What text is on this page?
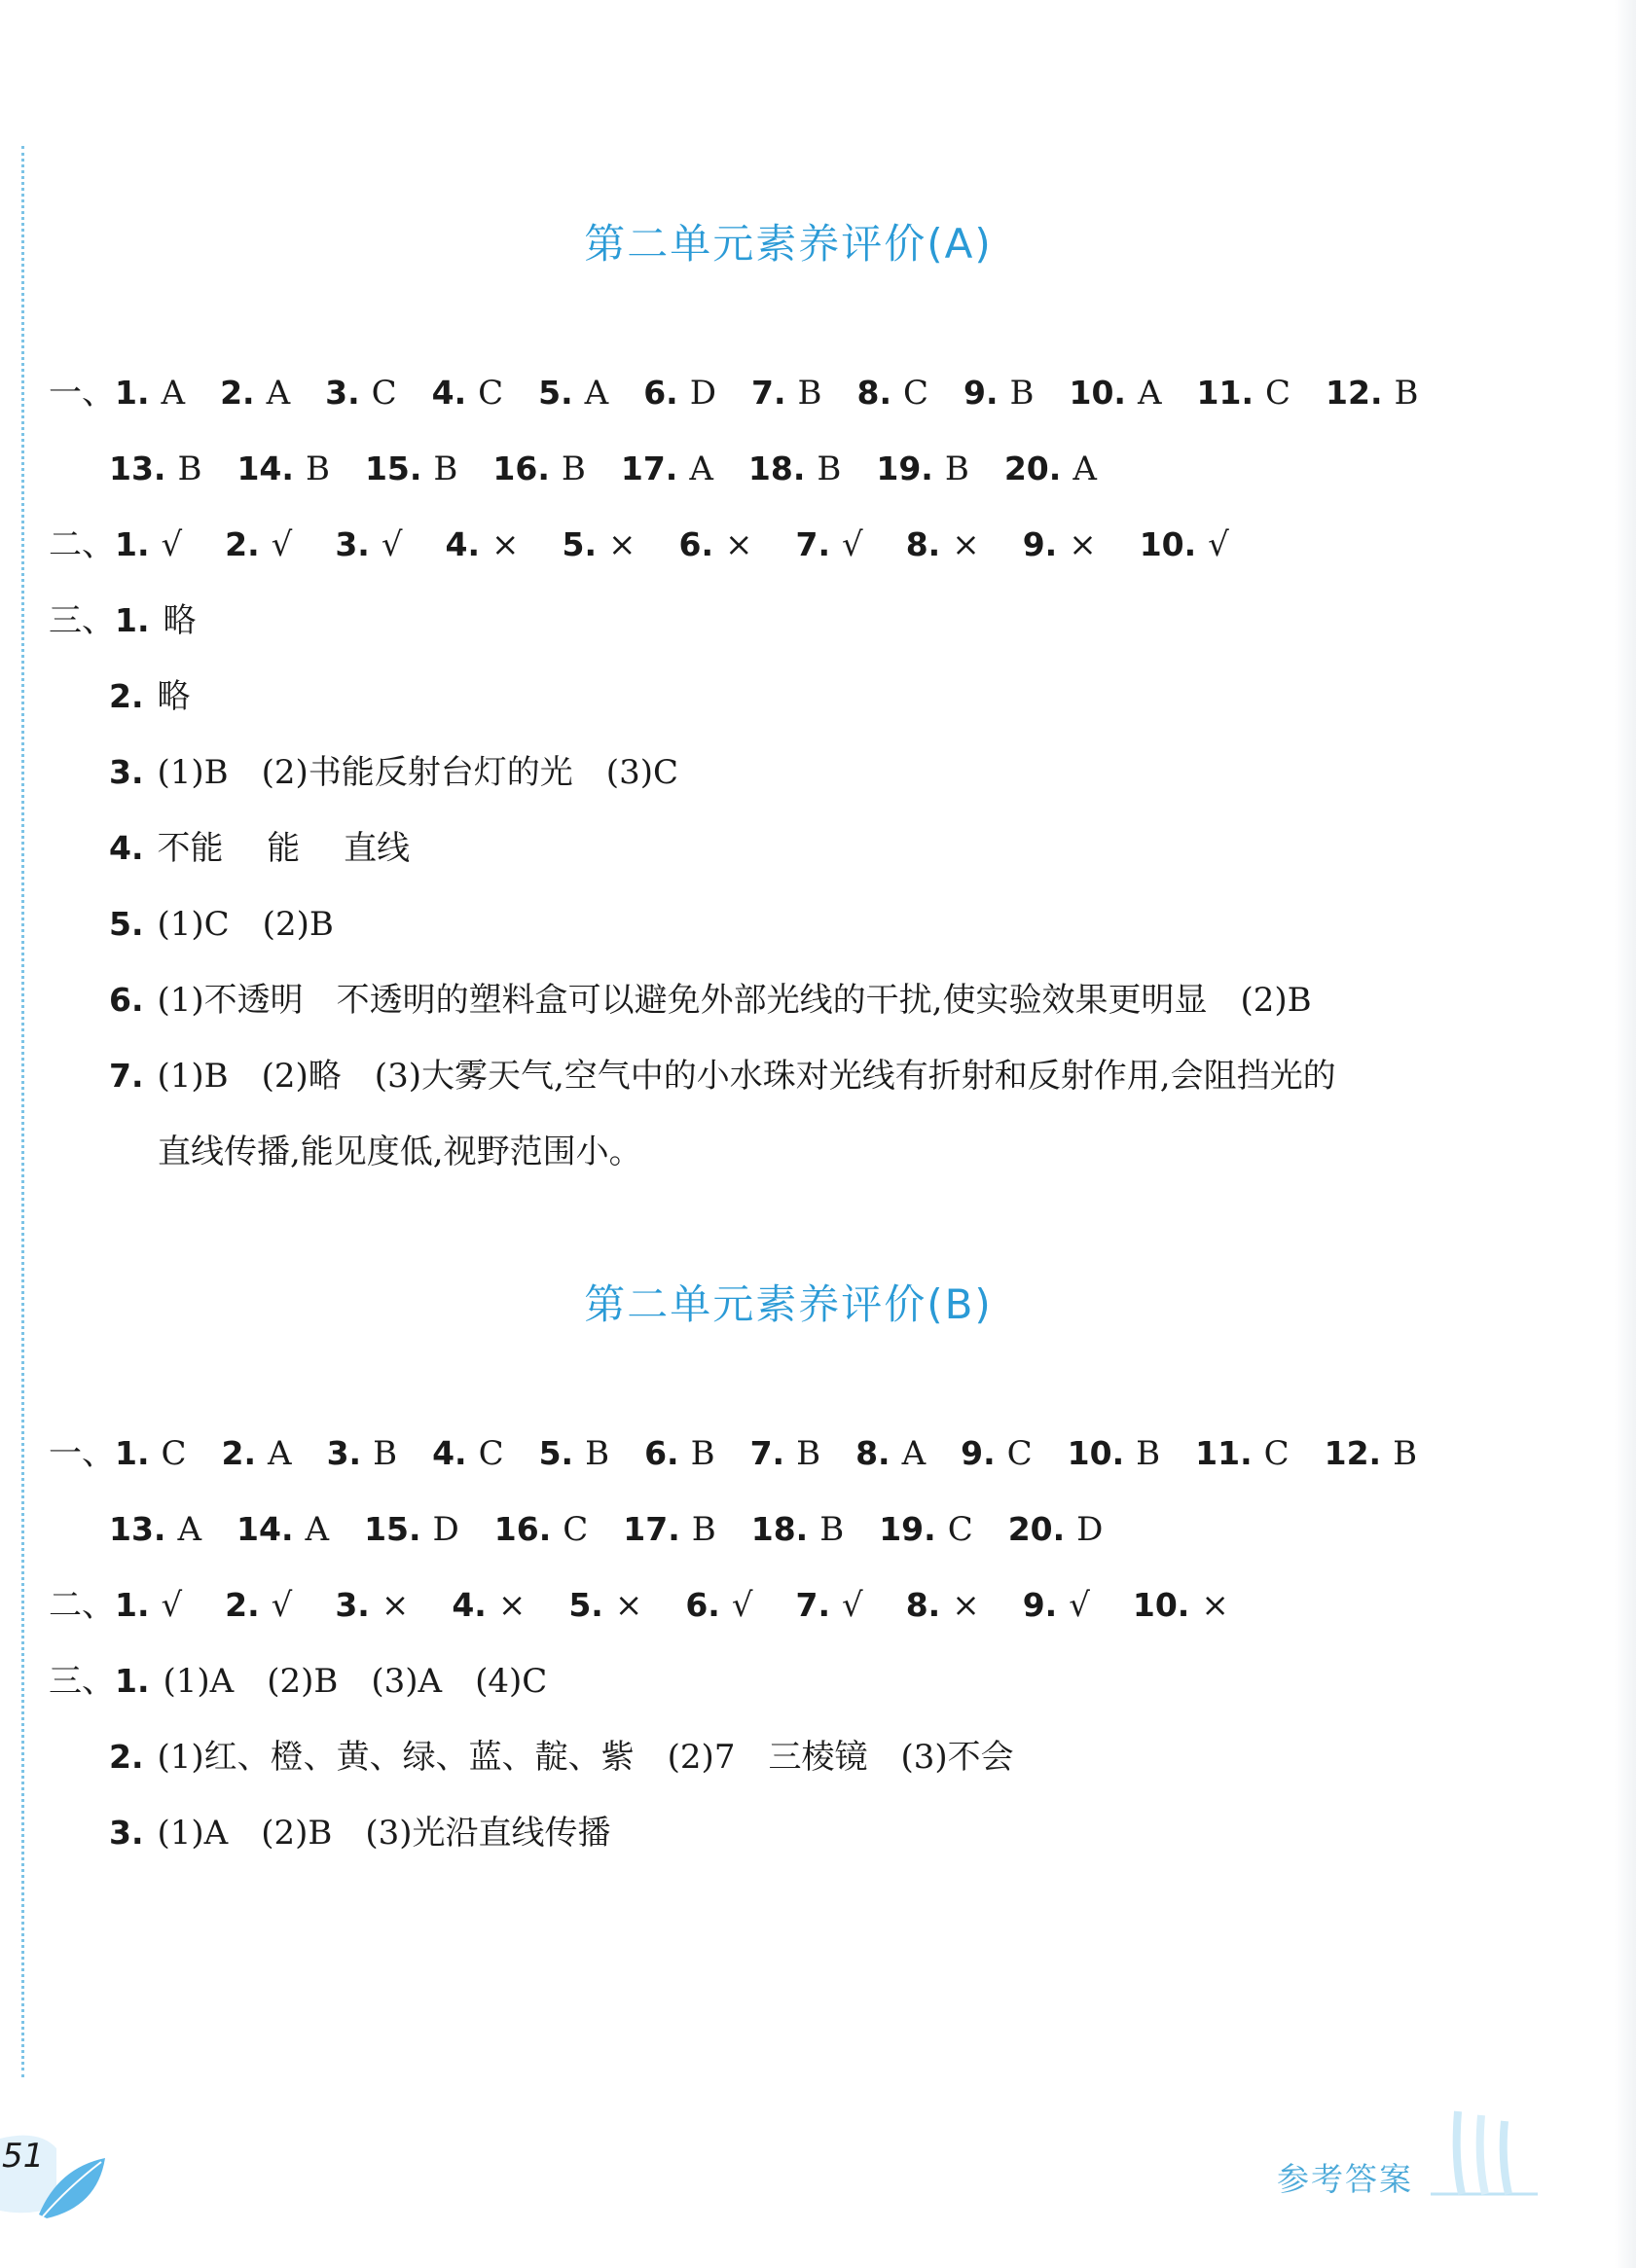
第二单元素养评价(A)
一、1. A 2. A 3. C 4. C 5. A 6. D 7. B 8. C 9. B 10. A 11. C 12. B
13. B 14. B 15. B 16. B 17. A 18. B 19. B 20. A
二、1. √ 2. √ 3. √ 4. × 5. × 6. × 7. √ 8. × 9. × 10. √
三、1. 略
2. 略
3. (1)B　(2)书能反射台灯的光　(3)C
4. 不能　 能　 直线
5. (1)C　(2)B
6. (1)不透明　不透明的塑料盒可以避免外部光线的干扰,使实验效果更明显　(2)B
7. (1)B　(2)略　(3)大雾天气,空气中的小水珠对光线有折射和反射作用,会阻挡光的
直线传播,能见度低,视野范围小。
第二单元素养评价(B)
一、1. C 2. A 3. B 4. C 5. B 6. B 7. B 8. A 9. C 10. B 11. C 12. B
13. A 14. A 15. D 16. C 17. B 18. B 19. C 20. D
二、1. √ 2. √ 3. × 4. × 5. × 6. √ 7. √ 8. × 9. √ 10. ×
三、1. (1)A　(2)B　(3)A　(4)C
2. (1)红、橙、黄、绿、蓝、靛、紫　(2)7　三棱镜　(3)不会
3. (1)A　(2)B　(3)光沿直线传播
51
参考答案
